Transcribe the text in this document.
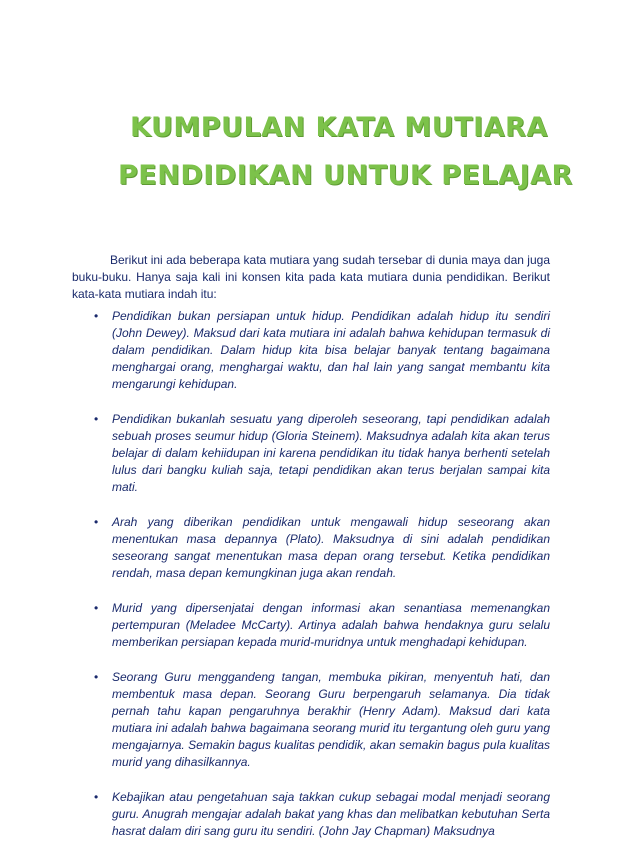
KUMPULAN KATA MUTIARA
PENDIDIKAN UNTUK PELAJAR

Berikut ini ada beberapa kata mutiara yang sudah tersebar di dunia maya dan juga buku-buku. Hanya saja kali ini konsen kita pada kata mutiara dunia pendidikan. Berikut kata-kata mutiara indah itu:

• Pendidikan bukan persiapan untuk hidup. Pendidikan adalah hidup itu sendiri (John Dewey). Maksud dari kata mutiara ini adalah bahwa kehidupan termasuk di dalam pendidikan. Dalam hidup kita bisa belajar banyak tentang bagaimana menghargai orang, menghargai waktu, dan hal lain yang sangat membantu kita mengarungi kehidupan.
• Pendidikan bukanlah sesuatu yang diperoleh seseorang, tapi pendidikan adalah sebuah proses seumur hidup (Gloria Steinem). Maksudnya adalah kita akan terus belajar di dalam kehiidupan ini karena pendidikan itu tidak hanya berhenti setelah lulus dari bangku kuliah saja, tetapi pendidikan akan terus berjalan sampai kita mati.
• Arah yang diberikan pendidikan untuk mengawali hidup seseorang akan menentukan masa depannya (Plato). Maksudnya di sini adalah pendidikan seseorang sangat menentukan masa depan orang tersebut. Ketika pendidikan rendah, masa depan kemungkinan juga akan rendah.
• Murid yang dipersenjatai dengan informasi akan senantiasa memenangkan pertempuran (Meladee McCarty). Artinya adalah bahwa hendaknya guru selalu memberikan persiapan kepada murid-muridnya untuk menghadapi kehidupan.
• Seorang Guru menggandeng tangan, membuka pikiran, menyentuh hati, dan membentuk masa depan. Seorang Guru berpengaruh selamanya. Dia tidak pernah tahu kapan pengaruhnya berakhir (Henry Adam). Maksud dari kata mutiara ini adalah bahwa bagaimana seorang murid itu tergantung oleh guru yang mengajarnya. Semakin bagus kualitas pendidik, akan semakin bagus pula kualitas murid yang dihasilkannya.
• Kebajikan atau pengetahuan saja takkan cukup sebagai modal menjadi seorang guru. Anugrah mengajar adalah bakat yang khas dan melibatkan kebutuhan Serta hasrat dalam diri sang guru itu sendiri. (John Jay Chapman) Maksudnya
